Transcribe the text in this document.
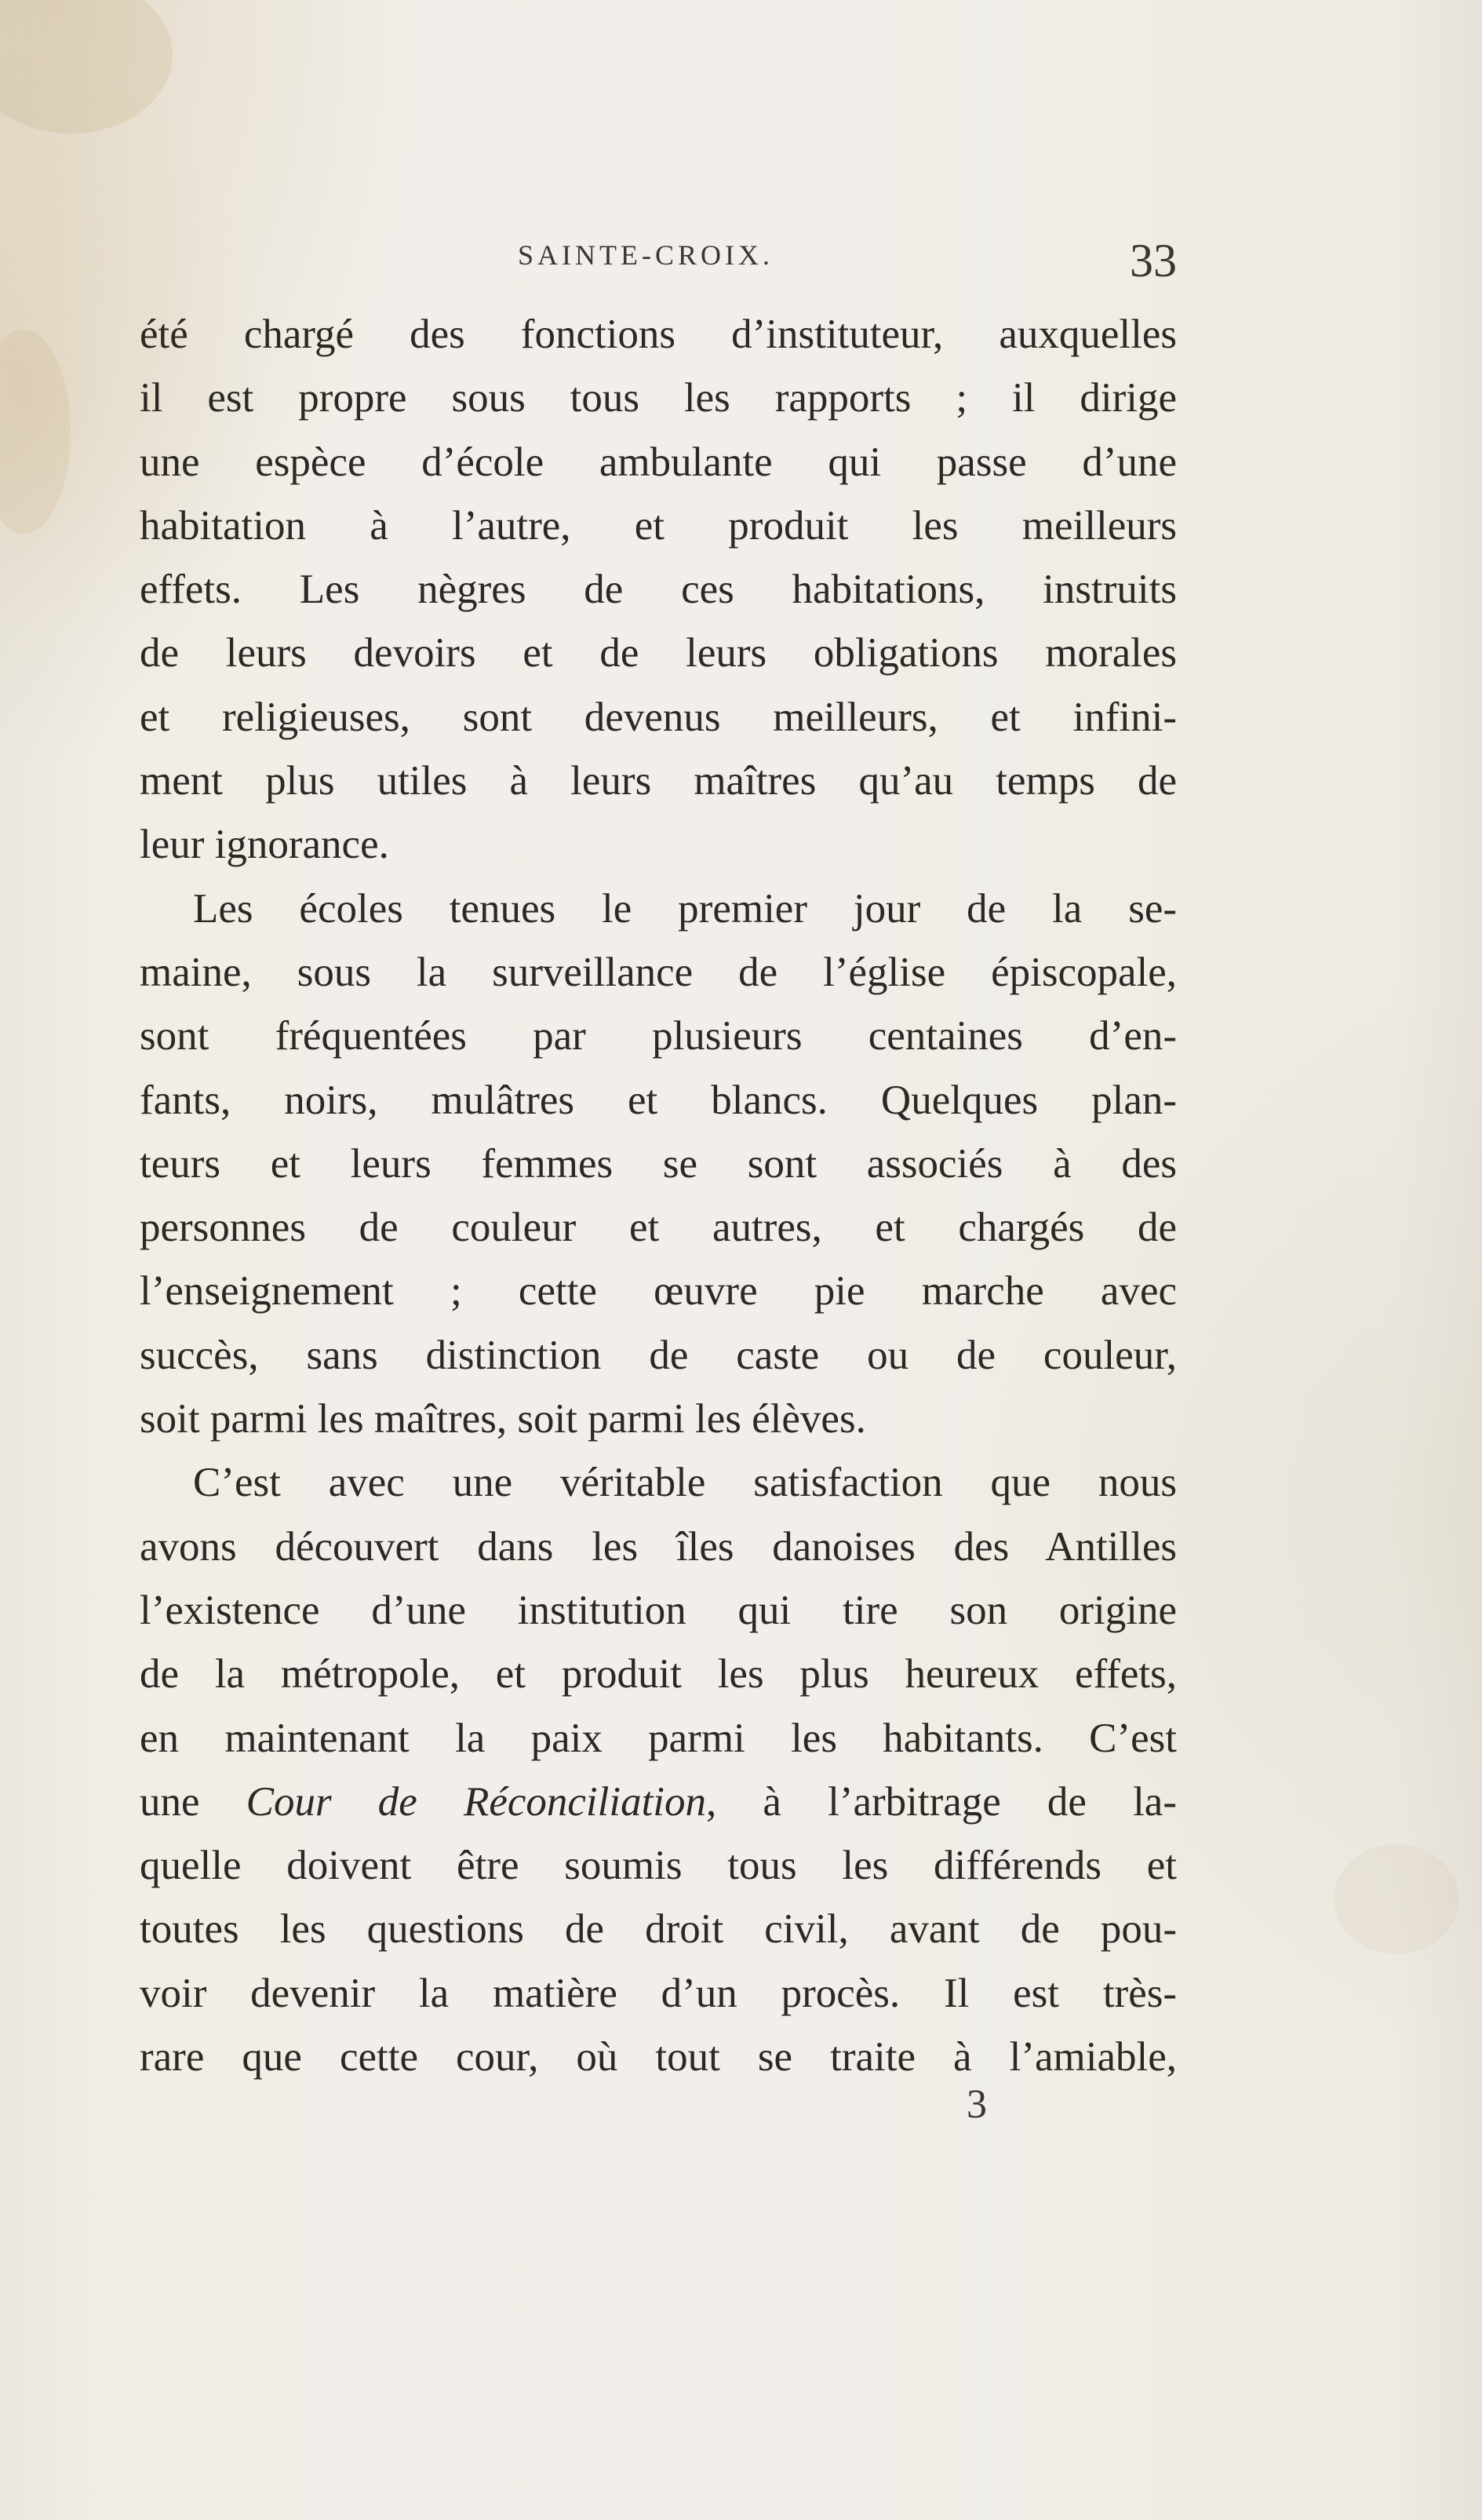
SAINTE-CROIX.	33
été chargé des fonctions d’instituteur, auxquelles
il est propre sous tous les rapports ; il dirige
une espèce d’école ambulante qui passe d’une
habitation à l’autre, et produit les meilleurs
effets. Les nègres de ces habitations, instruits
de leurs devoirs et de leurs obligations morales
et religieuses, sont devenus meilleurs, et infini-
ment plus utiles à leurs maîtres qu’au temps de
leur ignorance.
Les écoles tenues le premier jour de la se-
maine, sous la surveillance de l’église épiscopale,
sont fréquentées par plusieurs centaines d’en-
fants, noirs, mulâtres et blancs. Quelques plan-
teurs et leurs femmes se sont associés à des
personnes de couleur et autres, et chargés de
l’enseignement ; cette œuvre pie marche avec
succès, sans distinction de caste ou de couleur,
soit parmi les maîtres, soit parmi les élèves.
C’est avec une véritable satisfaction que nous
avons découvert dans les îles danoises des Antilles
l’existence d’une institution qui tire son origine
de la métropole, et produit les plus heureux effets,
en maintenant la paix parmi les habitants. C’est
une Cour de Réconciliation, à l’arbitrage de la-
quelle doivent être soumis tous les différends et
toutes les questions de droit civil, avant de pou-
voir devenir la matière d’un procès. Il est très-
rare que cette cour, où tout se traite à l’amiable,
3
